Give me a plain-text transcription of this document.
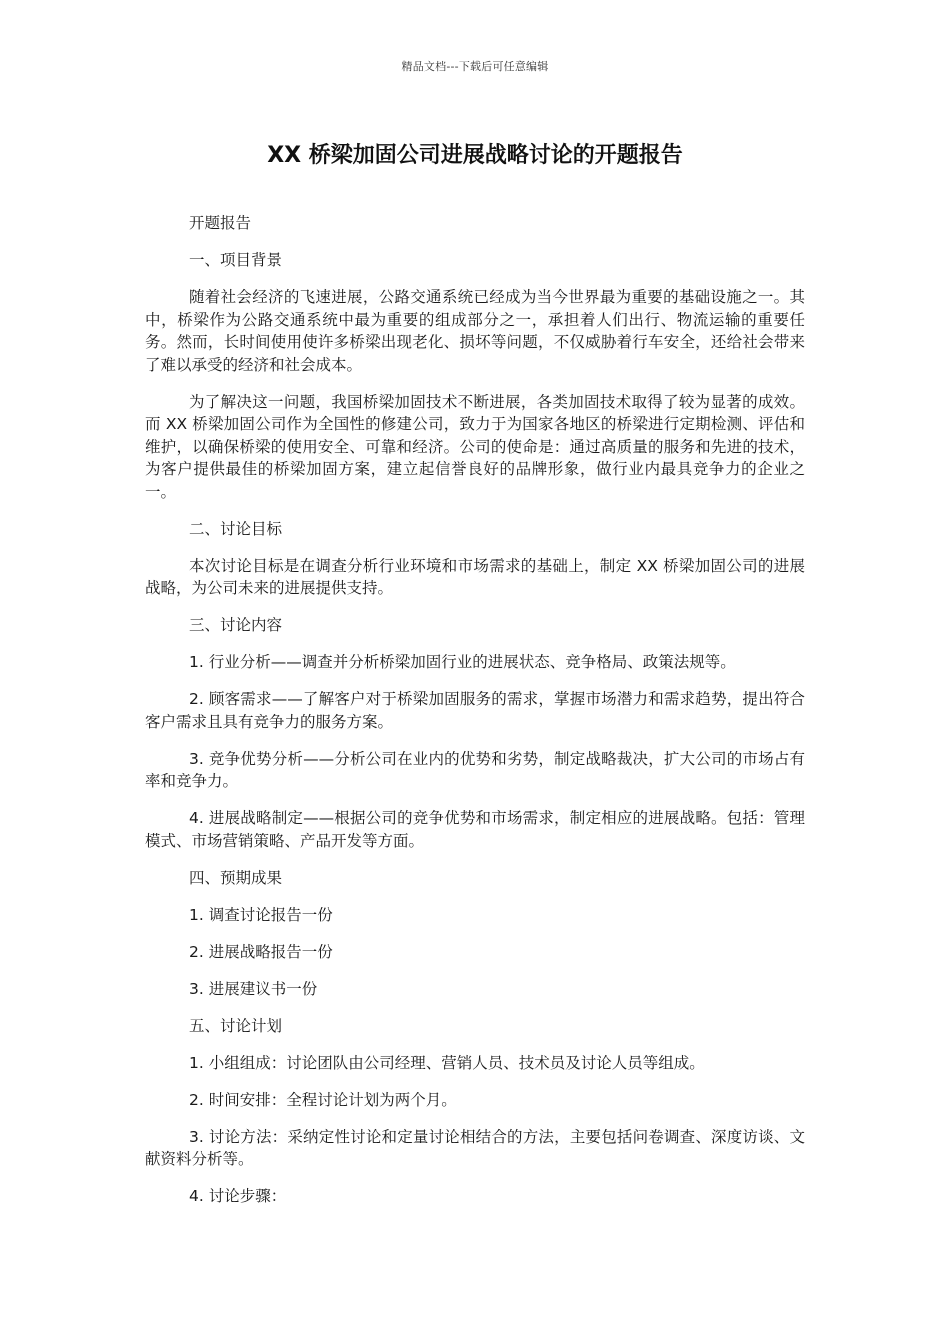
精品文档---下载后可任意编辑
XX 桥梁加固公司进展战略讨论的开题报告

开题报告

一、项目背景

随着社会经济的飞速进展，公路交通系统已经成为当今世界最为重要的基础设施之一。其中，桥梁作为公路交通系统中最为重要的组成部分之一，承担着人们出行、物流运输的重要任务。然而，长时间使用使许多桥梁出现老化、损坏等问题，不仅威胁着行车安全，还给社会带来了难以承受的经济和社会成本。

为了解决这一问题，我国桥梁加固技术不断进展，各类加固技术取得了较为显著的成效。而 XX 桥梁加固公司作为全国性的修建公司，致力于为国家各地区的桥梁进行定期检测、评估和维护，以确保桥梁的使用安全、可靠和经济。公司的使命是：通过高质量的服务和先进的技术，为客户提供最佳的桥梁加固方案，建立起信誉良好的品牌形象，做行业内最具竞争力的企业之一。

二、讨论目标

本次讨论目标是在调查分析行业环境和市场需求的基础上，制定 XX 桥梁加固公司的进展战略，为公司未来的进展提供支持。

三、讨论内容

1. 行业分析——调查并分析桥梁加固行业的进展状态、竞争格局、政策法规等。

2. 顾客需求——了解客户对于桥梁加固服务的需求，掌握市场潜力和需求趋势，提出符合客户需求且具有竞争力的服务方案。

3. 竞争优势分析——分析公司在业内的优势和劣势，制定战略裁决，扩大公司的市场占有率和竞争力。

4. 进展战略制定——根据公司的竞争优势和市场需求，制定相应的进展战略。包括：管理模式、市场营销策略、产品开发等方面。

四、预期成果

1. 调查讨论报告一份

2. 进展战略报告一份

3. 进展建议书一份

五、讨论计划

1. 小组组成：讨论团队由公司经理、营销人员、技术员及讨论人员等组成。

2. 时间安排：全程讨论计划为两个月。

3. 讨论方法：采纳定性讨论和定量讨论相结合的方法，主要包括问卷调查、深度访谈、文献资料分析等。

4. 讨论步骤：
